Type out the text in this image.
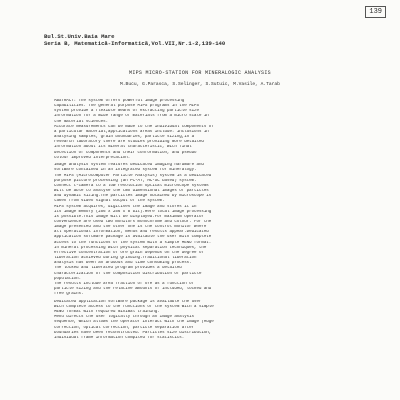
139
Bul.St.Univ.Baia Mare
Seria B, Matematică-Informatică,Vol.VII,Nr.1-2,139-140
MIPS MICRO-STATION FOR MINERALOGIC ANALYSIS
M.Bucu, G.Parasca, S.Selinger, S.Sutuic, M.Vasile, A.Tarab
ABSTRACT: The system offers powerful image processing
capabilities. The general purpose MIPS programs in the MIPS
system provide a flexible means of extracting particle size
information for a wide range of materials from a micro scale in
the material sciences.
Accurate measurements can be made to the individual components of
a particular material,applications areas include: inclusions in
analysing samples, grain boundaries, particle sizing,in a
research laboratory there are studies providing more detailed
information about its mineral characteristic, with final
detection of components and their conformation, and pseudo
colour improved interpretation.
Image analysis system features dedicated imaging hardware and
software contained in an integrated system for mineralogy.
The MIPS (Microcomputer Particle Analysis) system is a dedicated
purpose picture processing (an PC-AT, HC-SC based) system.
Connect t-camera to a low resolution optical microscope systems
will be able to analyse the two dimensional images of particles
and dynamic sizing.The particles image obtained by microscope is
taken from video signal output of the system.
MIPS system acquires, digitises the image and stores it in
its image memory (256 x 256 x 8 bit).Here local image processing
is possible.This image will be displayed.For maximum operator
convenience are used two monitors monochrome and colour. For the
image presented and the other one is the control monitor where
all operational information, menus and results appear.Dedicated
application software package is available the user with complete
access to the functions of the system with a simple MENU format.
In mineral processing with physical separation techniques, the
effective concentration of ore grain depends on the degree of
liberation achieved during grinding.Traditional liberation
analysis has been an arduous and time consuming process.
The locked and liberated program provides a detailed
characterization of the composition distribution of particle
population.
The results include area fraction of ore as a function of
particle sizing and the relative amounts of included, locked and
free grains.
Dedicated application software package is available the user
with complete access to the functions of the system with a simple
MENU format with required minimal training.
Menu directs the user logically through an image analysis
sequence, which allows the operator interact with the image (edge
correction, optical correction, particle separation after
boundaries have been reconstructed. Particles size distribution,
individual frame information compiled for statistics.
